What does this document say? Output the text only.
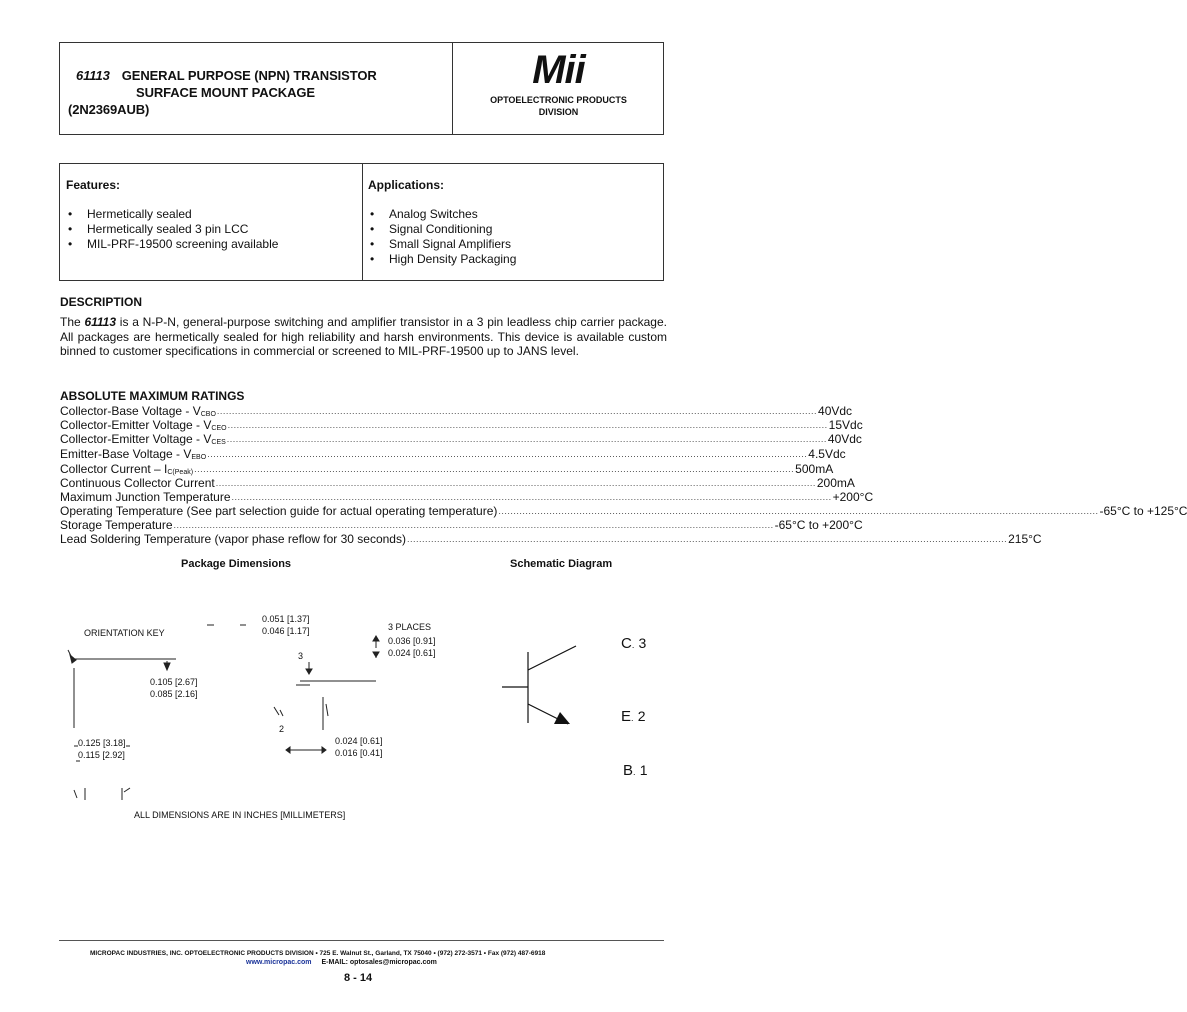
61113 GENERAL PURPOSE (NPN) TRANSISTOR
SURFACE MOUNT PACKAGE
(2N2369AUB)
Mii
OPTOELECTRONIC PRODUCTS
DIVISION
Features:
• Hermetically sealed
• Hermetically sealed 3 pin LCC
• MIL-PRF-19500 screening available
Applications:
• Analog Switches
• Signal Conditioning
• Small Signal Amplifiers
• High Density Packaging
DESCRIPTION
The 61113 is a N-P-N, general-purpose switching and amplifier transistor in a 3 pin leadless chip carrier package. All packages are hermetically sealed for high reliability and harsh environments. This device is available custom binned to customer specifications in commercial or screened to MIL-PRF-19500 up to JANS level.
ABSOLUTE MAXIMUM RATINGS
Collector-Base Voltage - VCBO ........................................................................................................................................................................................................ 40Vdc
Collector-Emitter Voltage - VCEO ........................................................................................................................................................................................................ 15Vdc
Collector-Emitter Voltage - VCES ........................................................................................................................................................................................................ 40Vdc
Emitter-Base Voltage - VEBO ........................................................................................................................................................................................................ 4.5Vdc
Collector Current – IC(Peak) ........................................................................................................................................................................................................ 500mA
Continuous Collector Current ........................................................................................................................................................................................................ 200mA
Maximum Junction Temperature ........................................................................................................................................................................................................ +200°C
Operating Temperature (See part selection guide for actual operating temperature) ........................................................................................................................................................................................................ -65°C to +125°C
Storage Temperature ........................................................................................................................................................................................................ -65°C to +200°C
Lead Soldering Temperature (vapor phase reflow for 30 seconds) ........................................................................................................................................................................................................ 215°C
Package Dimensions	Schematic Diagram
ORIENTATION KEY
0.051 [1.37]
0.046 [1.17]	3 PLACES
0.036 [0.91]
0.024 [0.61]
3
0.105 [2.67]
0.085 [2.16]
2
0.125 [3.18]
0.115 [2.92]
0.024 [0.61]
0.016 [0.41]
ALL DIMENSIONS ARE IN INCHES [MILLIMETERS]
C. 3
E. 2
B. 1
MICROPAC INDUSTRIES, INC. OPTOELECTRONIC PRODUCTS DIVISION • 725 E. Walnut St., Garland, TX 75040 • (972) 272-3571 • Fax (972) 487-6918
www.micropac.com E-MAIL: optosales@micropac.com
8 - 14
